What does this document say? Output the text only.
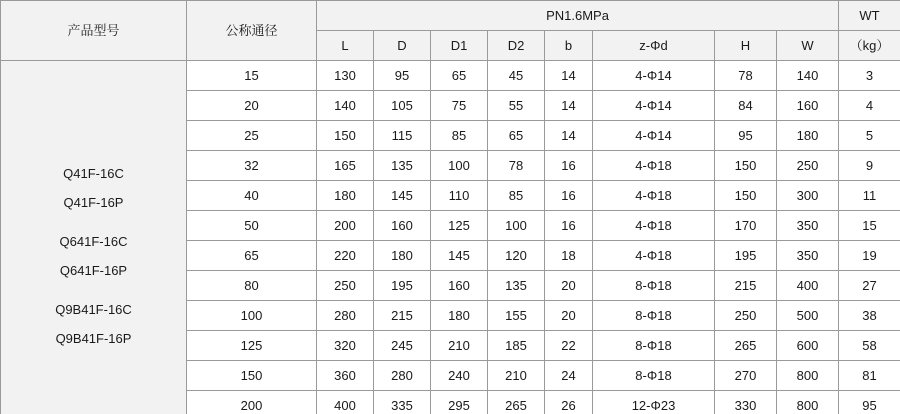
产品型号	公称通径	PN1.6MPa								WT
		L	D	D1	D2	b	z-Φd	H	W	（kg）

Q41F-16C
Q41F-16P

Q641F-16C
Q641F-16P

Q9B41F-16C
Q9B41F-16P
	15	130	95	65	45	14	4-Φ14	78	140	3
	20	140	105	75	55	14	4-Φ14	84	160	4
	25	150	115	85	65	14	4-Φ14	95	180	5
	32	165	135	100	78	16	4-Φ18	150	250	9
	40	180	145	110	85	16	4-Φ18	150	300	11
	50	200	160	125	100	16	4-Φ18	170	350	15
	65	220	180	145	120	18	4-Φ18	195	350	19
	80	250	195	160	135	20	8-Φ18	215	400	27
	100	280	215	180	155	20	8-Φ18	250	500	38
	125	320	245	210	185	22	8-Φ18	265	600	58
	150	360	280	240	210	24	8-Φ18	270	800	81
	200	400	335	295	265	26	12-Φ23	330	800	95
